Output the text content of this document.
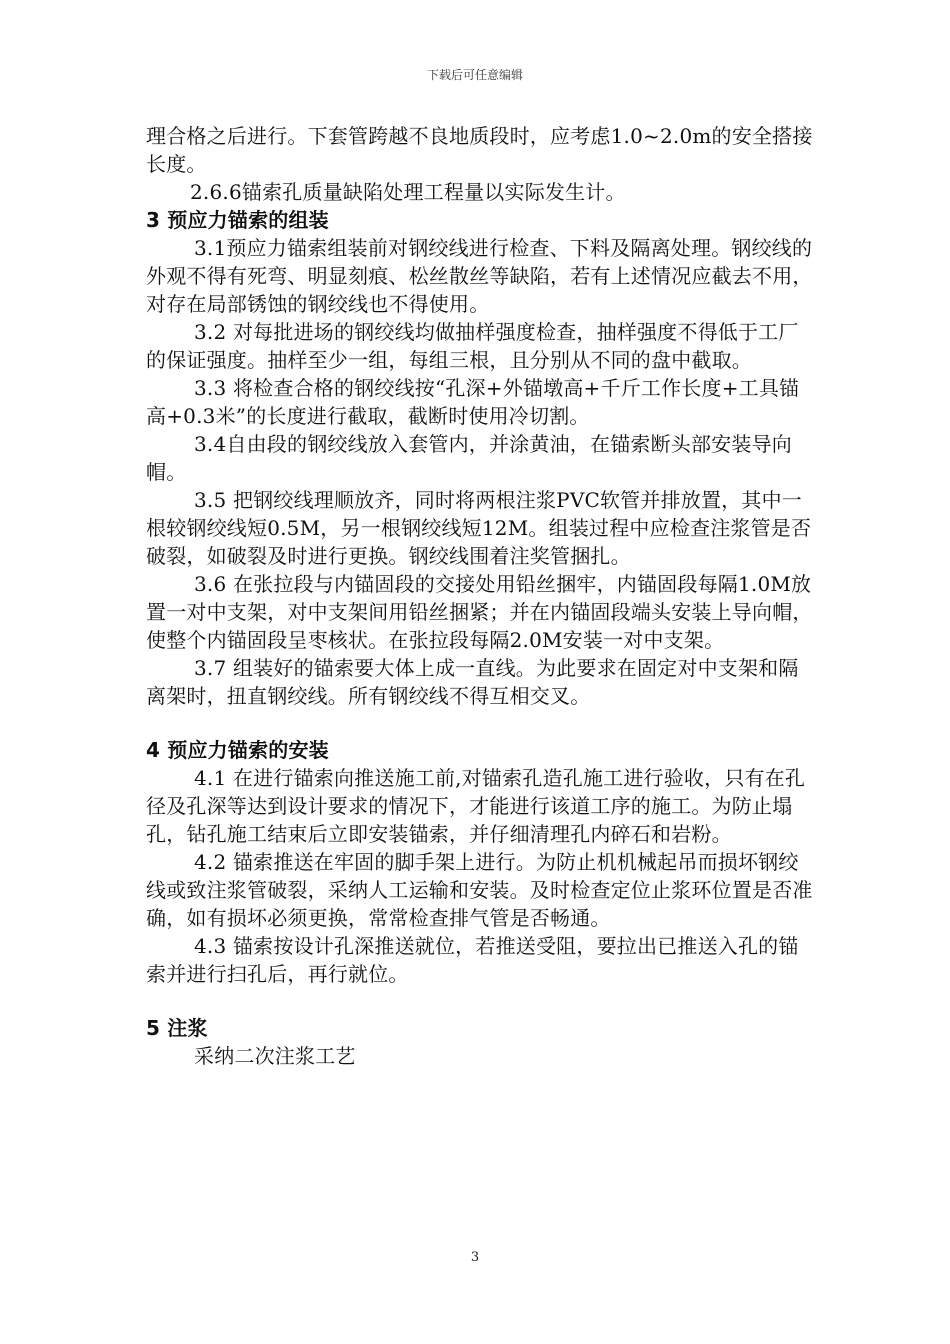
下载后可任意编辑

理合格之后进行。下套管跨越不良地质段时，应考虑1.0~2.0m的安全搭接长度。

2.6.6锚索孔质量缺陷处理工程量以实际发生计。

3 预应力锚索的组装

3.1预应力锚索组装前对钢绞线进行检查、下料及隔离处理。钢绞线的外观不得有死弯、明显刻痕、松丝散丝等缺陷，若有上述情况应截去不用，对存在局部锈蚀的钢绞线也不得使用。

3.2 对每批进场的钢绞线均做抽样强度检查，抽样强度不得低于工厂的保证强度。抽样至少一组，每组三根，且分别从不同的盘中截取。

3.3 将检查合格的钢绞线按“孔深+外锚墩高+千斤工作长度+工具锚高+0.3米”的长度进行截取，截断时使用冷切割。

3.4自由段的钢绞线放入套管内，并涂黄油，在锚索断头部安装导向帽。

3.5 把钢绞线理顺放齐，同时将两根注浆PVC软管并排放置，其中一根较钢绞线短0.5M，另一根钢绞线短12M。组装过程中应检查注浆管是否破裂，如破裂及时进行更换。钢绞线围着注奖管捆扎。

3.6 在张拉段与内锚固段的交接处用铅丝捆牢，内锚固段每隔1.0M放置一对中支架，对中支架间用铅丝捆紧；并在内锚固段端头安装上导向帽，使整个内锚固段呈枣核状。在张拉段每隔2.0M安装一对中支架。

3.7 组装好的锚索要大体上成一直线。为此要求在固定对中支架和隔离架时，扭直钢绞线。所有钢绞线不得互相交叉。

4 预应力锚索的安装

4.1 在进行锚索向推送施工前,对锚索孔造孔施工进行验收，只有在孔径及孔深等达到设计要求的情况下，才能进行该道工序的施工。为防止塌孔，钻孔施工结束后立即安装锚索，并仔细清理孔内碎石和岩粉。

4.2 锚索推送在牢固的脚手架上进行。为防止机机械起吊而损坏钢绞线或致注浆管破裂，采纳人工运输和安装。及时检查定位止浆环位置是否准确，如有损坏必须更换，常常检查排气管是否畅通。

4.3 锚索按设计孔深推送就位，若推送受阻，要拉出已推送入孔的锚索并进行扫孔后，再行就位。

5 注浆

采纳二次注浆工艺

3
